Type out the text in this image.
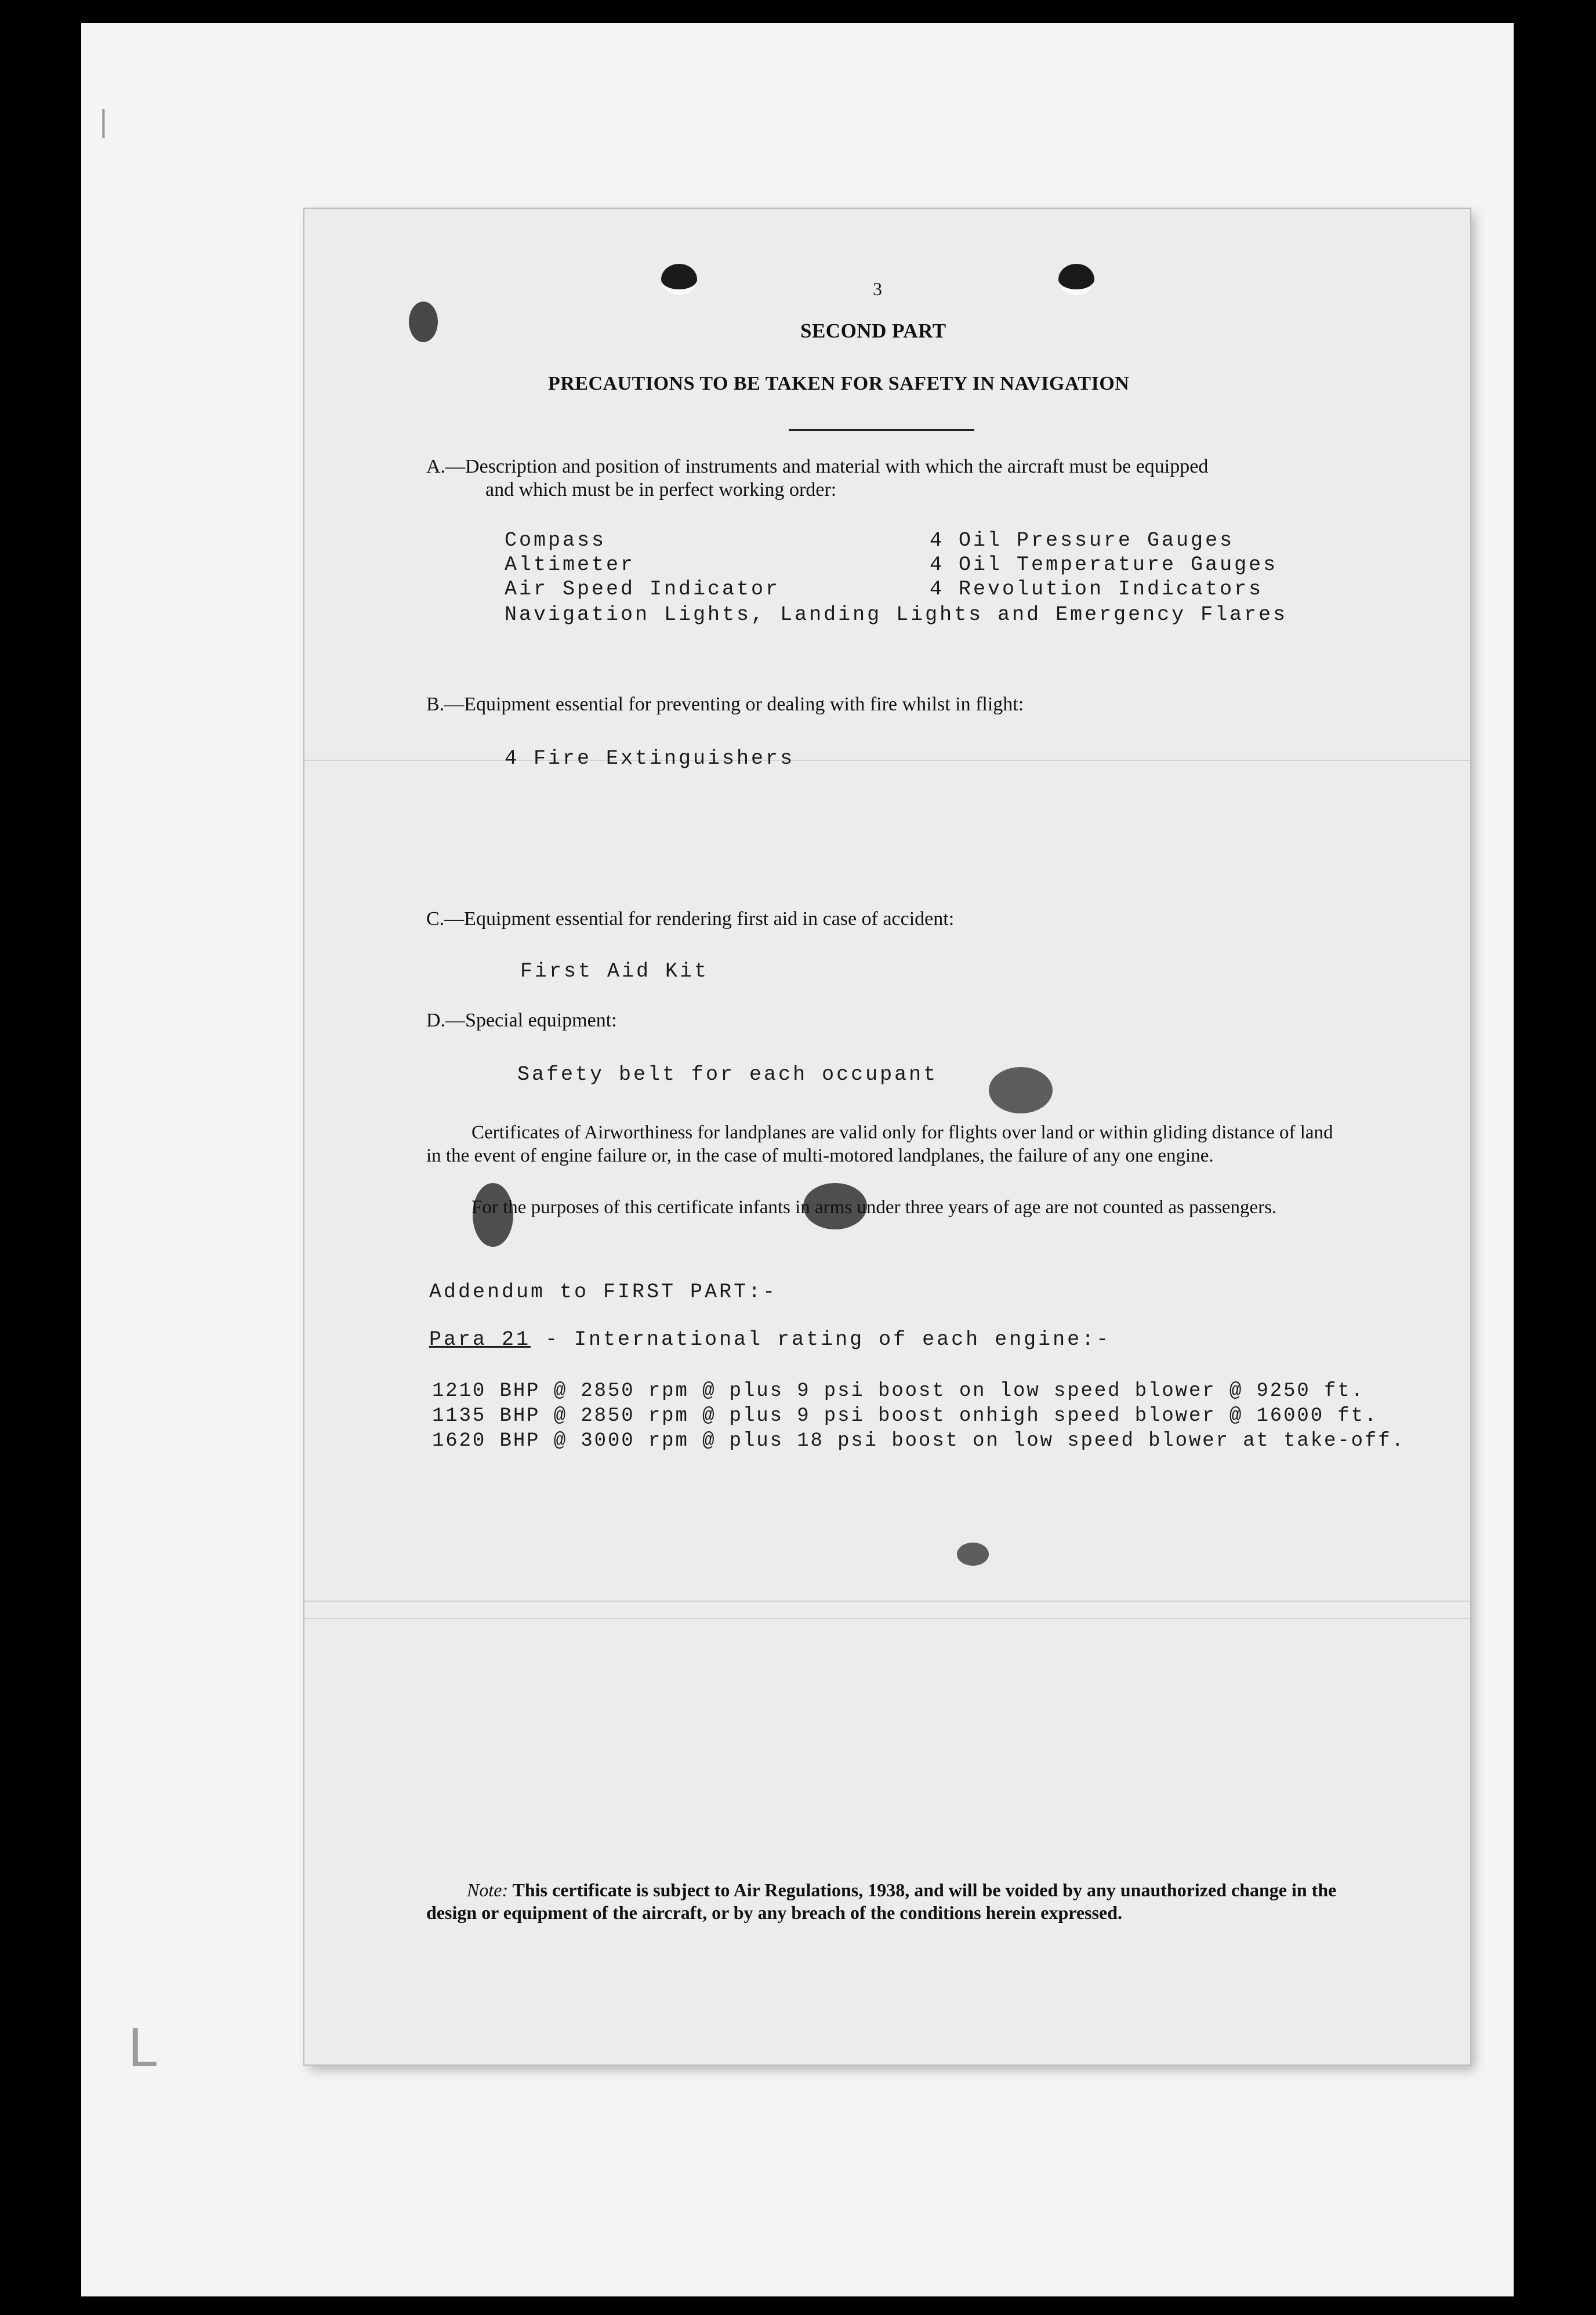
L
|
3
SECOND PART
PRECAUTIONS TO BE TAKEN FOR SAFETY IN NAVIGATION
A.—Description and position of instruments and material with which the aircraft must be equipped
and which must be in perfect working order:
Compass
Altimeter
Air Speed Indicator
4 Oil Pressure Gauges
4 Oil Temperature Gauges
4 Revolution Indicators
Navigation Lights, Landing Lights and Emergency Flares
B.—Equipment essential for preventing or dealing with fire whilst in flight:
4 Fire Extinguishers
C.—Equipment essential for rendering first aid in case of accident:
First Aid Kit
D.—Special equipment:
Safety belt for each occupant
Certificates of Airworthiness for landplanes are valid only for flights over land or within gliding distance of land in the event of engine failure or, in the case of multi-motored landplanes, the failure of any one engine.
For the purposes of this certificate infants in arms under three years of age are not counted as passengers.
Addendum to FIRST PART:-
Para 21 - International rating of each engine:-
1210 BHP @ 2850 rpm @ plus 9 psi boost on low speed blower @ 9250 ft.
1135 BHP @ 2850 rpm @ plus 9 psi boost onhigh speed blower @ 16000 ft.
1620 BHP @ 3000 rpm @ plus 18 psi boost on low speed blower at take-off.
Note: This certificate is subject to Air Regulations, 1938, and will be voided by any unauthorized change in the design or equipment of the aircraft, or by any breach of the conditions herein expressed.
